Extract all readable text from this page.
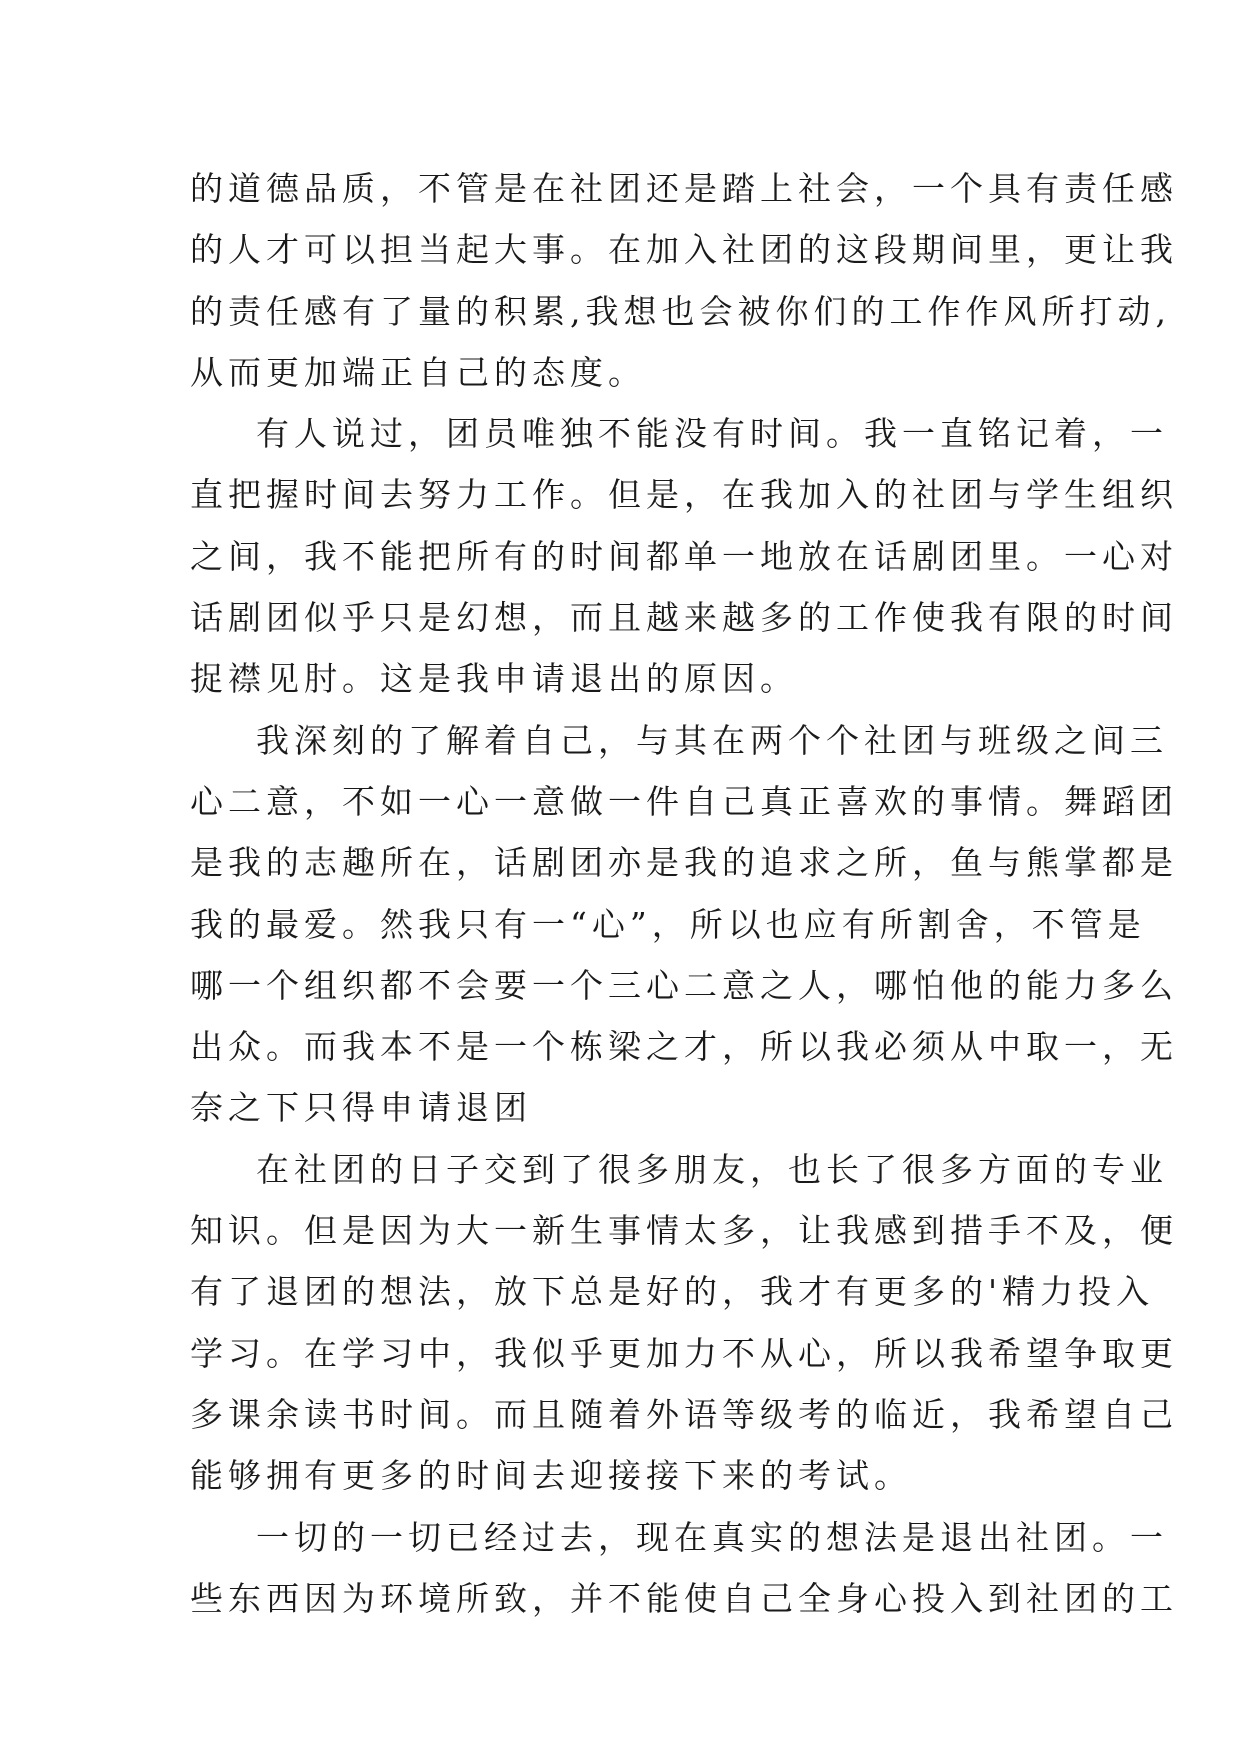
的道德品质，不管是在社团还是踏上社会，一个具有责任感
的人才可以担当起大事。在加入社团的这段期间里，更让我
的责任感有了量的积累,我想也会被你们的工作作风所打动,
从而更加端正自己的态度。
有人说过，团员唯独不能没有时间。我一直铭记着，一
直把握时间去努力工作。但是，在我加入的社团与学生组织
之间，我不能把所有的时间都单一地放在话剧团里。一心对
话剧团似乎只是幻想，而且越来越多的工作使我有限的时间
捉襟见肘。这是我申请退出的原因。
我深刻的了解着自己，与其在两个个社团与班级之间三
心二意，不如一心一意做一件自己真正喜欢的事情。舞蹈团
是我的志趣所在，话剧团亦是我的追求之所，鱼与熊掌都是
我的最爱。然我只有一“心”，所以也应有所割舍，不管是
哪一个组织都不会要一个三心二意之人，哪怕他的能力多么
出众。而我本不是一个栋梁之才，所以我必须从中取一，无
奈之下只得申请退团
在社团的日子交到了很多朋友，也长了很多方面的专业
知识。但是因为大一新生事情太多，让我感到措手不及，便
有了退团的想法，放下总是好的，我才有更多的'精力投入
学习。在学习中，我似乎更加力不从心，所以我希望争取更
多课余读书时间。而且随着外语等级考的临近，我希望自己
能够拥有更多的时间去迎接接下来的考试。
一切的一切已经过去，现在真实的想法是退出社团。一
些东西因为环境所致，并不能使自己全身心投入到社团的工
